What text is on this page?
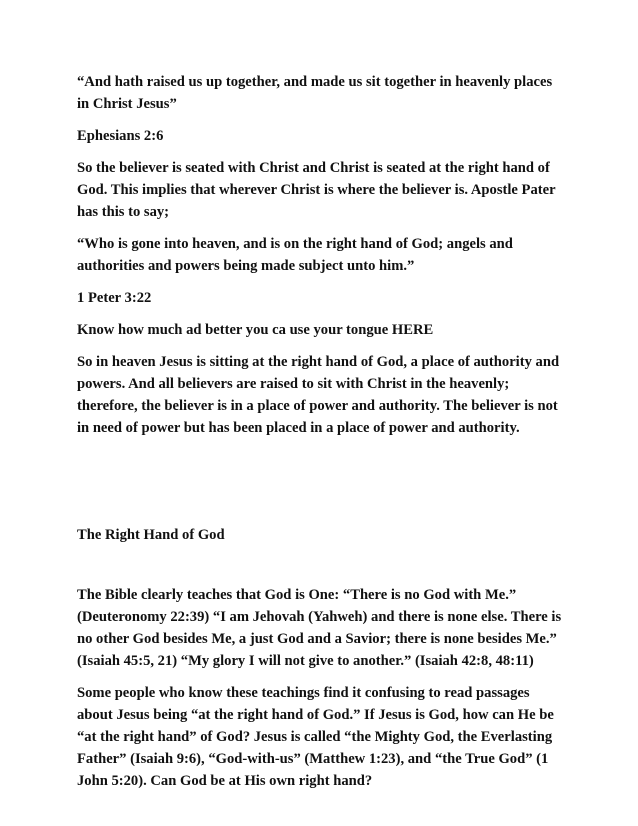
“And hath raised us up together, and made us sit together in heavenly places in Christ Jesus”

Ephesians 2:6

So the believer is seated with Christ and Christ is seated at the right hand of God. This implies that wherever Christ is where the believer is. Apostle Pater has this to say;

“Who is gone into heaven, and is on the right hand of God; angels and authorities and powers being made subject unto him.”

1 Peter 3:22

Know how much ad better you ca use your tongue HERE

So in heaven Jesus is sitting at the right hand of God, a place of authority and powers. And all believers are raised to sit with Christ in the heavenly; therefore, the believer is in a place of power and authority. The believer is not in need of power but has been placed in a place of power and authority.

The Right Hand of God

The Bible clearly teaches that God is One: “There is no God with Me.” (Deuteronomy 22:39) “I am Jehovah (Yahweh) and there is none else. There is no other God besides Me, a just God and a Savior; there is none besides Me.” (Isaiah 45:5, 21) “My glory I will not give to another.” (Isaiah 42:8, 48:11)

Some people who know these teachings find it confusing to read passages about Jesus being “at the right hand of God.” If Jesus is God, how can He be “at the right hand” of God? Jesus is called “the Mighty God, the Everlasting Father” (Isaiah 9:6), “God-with-us” (Matthew 1:23), and “the True God” (1 John 5:20). Can God be at His own right hand?
